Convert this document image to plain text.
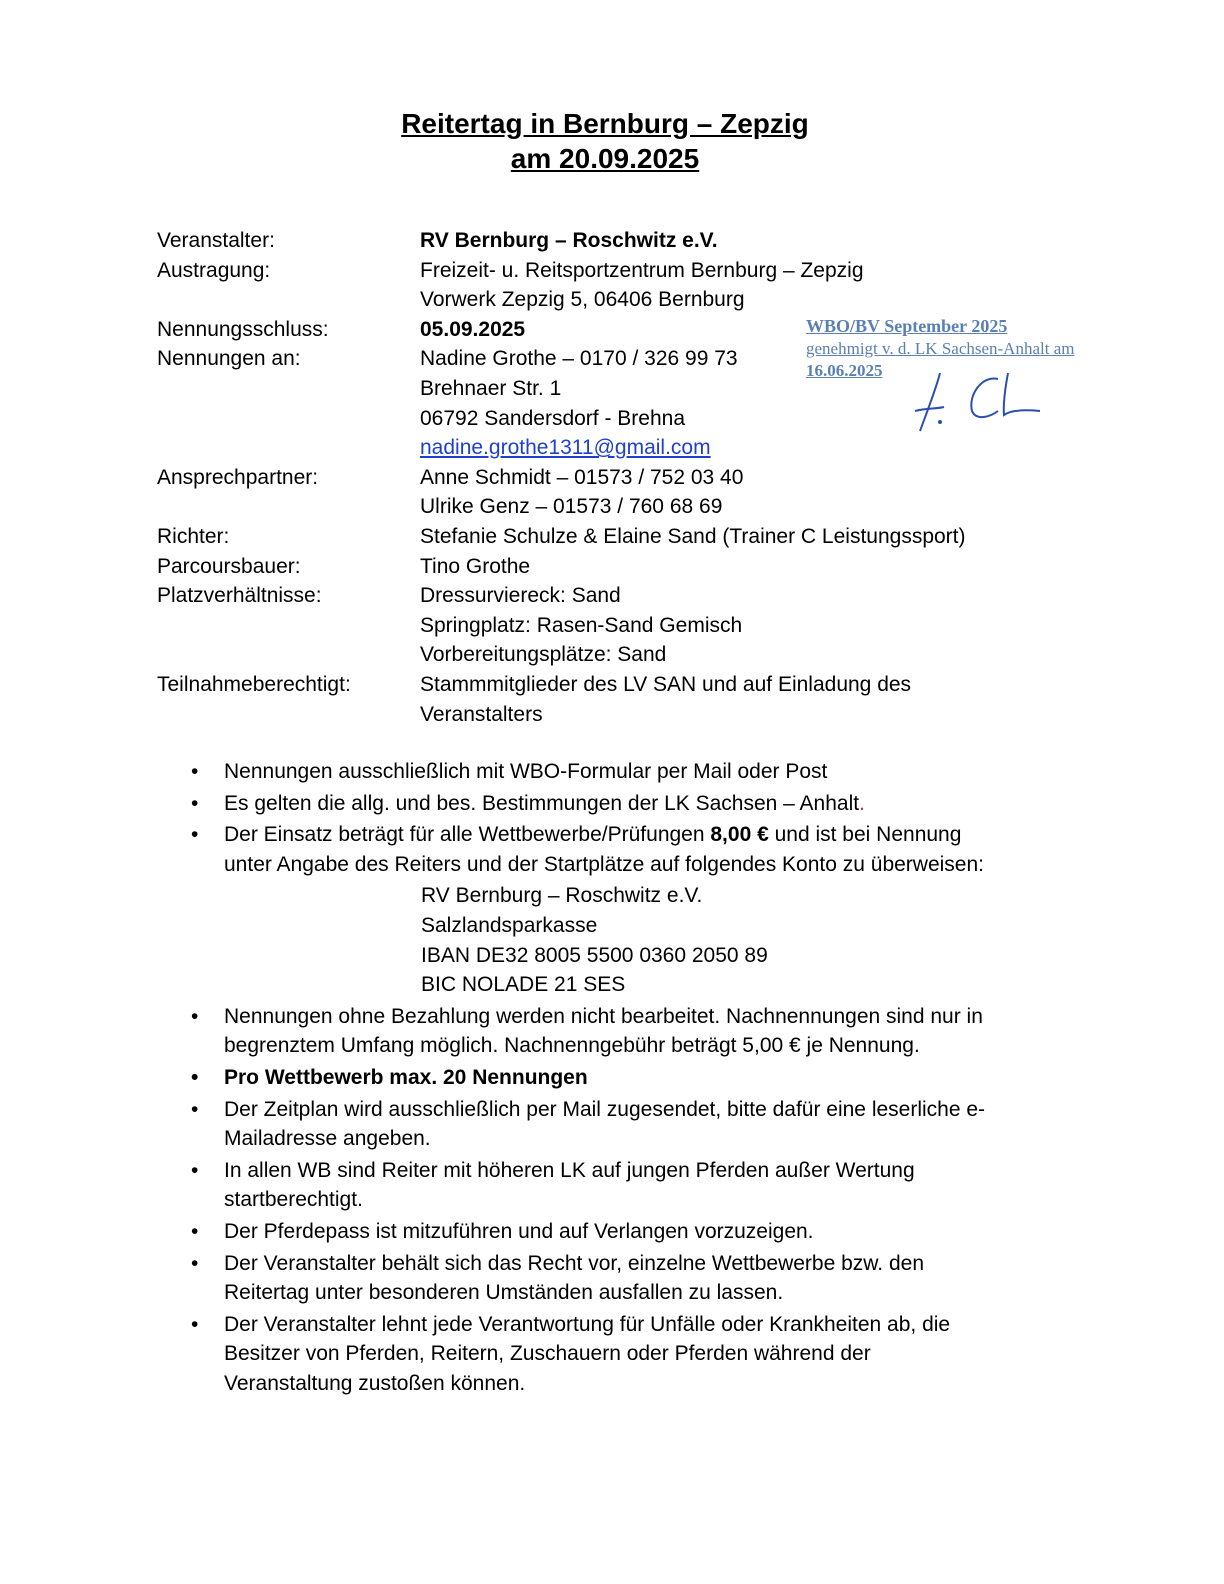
Reitertag in Bernburg – Zepzig
am 20.09.2025
Veranstalter:	RV Bernburg – Roschwitz e.V.
Austragung:	Freizeit- u. Reitsportzentrum Bernburg – Zepzig
Vorwerk Zepzig 5, 06406 Bernburg
Nennungsschluss:	05.09.2025
Nennungen an:	Nadine Grothe – 0170 / 326 99 73
Brehnaer Str. 1
06792 Sandersdorf - Brehna
nadine.grothe1311@gmail.com
Ansprechpartner:	Anne Schmidt – 01573 / 752 03 40
Ulrike Genz – 01573 / 760 68 69
Richter:	Stefanie Schulze & Elaine Sand (Trainer C Leistungssport)
Parcoursbauer:	Tino Grothe
Platzverhältnisse:	Dressurviereck: Sand
Springplatz: Rasen-Sand Gemisch
Vorbereitungsplätze: Sand
Teilnahmeberechtigt:	Stammmitglieder des LV SAN und auf Einladung des
Veranstalters
WBO/BV September 2025
genehmigt v. d. LK Sachsen-Anhalt am
16.06.2025
• Nennungen ausschließlich mit WBO-Formular per Mail oder Post
• Es gelten die allg. und bes. Bestimmungen der LK Sachsen – Anhalt.
• Der Einsatz beträgt für alle Wettbewerbe/Prüfungen 8,00 € und ist bei Nennung
unter Angabe des Reiters und der Startplätze auf folgendes Konto zu überweisen:
RV Bernburg – Roschwitz e.V.
Salzlandsparkasse
IBAN DE32 8005 5500 0360 2050 89
BIC NOLADE 21 SES
• Nennungen ohne Bezahlung werden nicht bearbeitet. Nachnennungen sind nur in
begrenztem Umfang möglich. Nachnenngebühr beträgt 5,00 € je Nennung.
• Pro Wettbewerb max. 20 Nennungen
• Der Zeitplan wird ausschließlich per Mail zugesendet, bitte dafür eine leserliche e-
Mailadresse angeben.
• In allen WB sind Reiter mit höheren LK auf jungen Pferden außer Wertung
startberechtigt.
• Der Pferdepass ist mitzuführen und auf Verlangen vorzuzeigen.
• Der Veranstalter behält sich das Recht vor, einzelne Wettbewerbe bzw. den
Reitertag unter besonderen Umständen ausfallen zu lassen.
• Der Veranstalter lehnt jede Verantwortung für Unfälle oder Krankheiten ab, die
Besitzer von Pferden, Reitern, Zuschauern oder Pferden während der
Veranstaltung zustoßen können.
